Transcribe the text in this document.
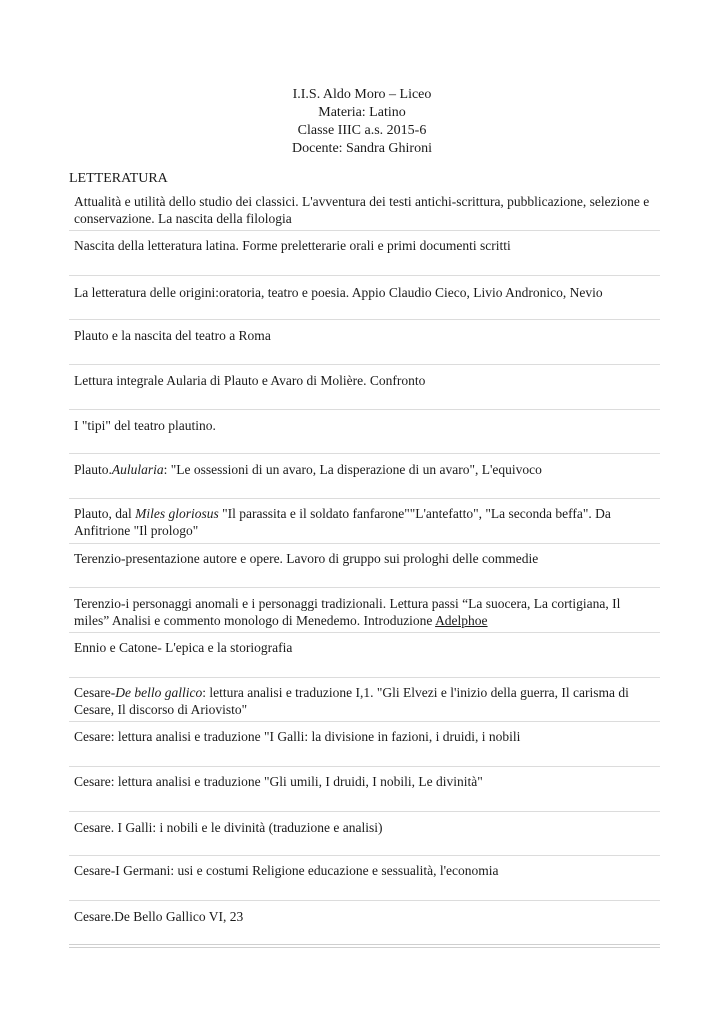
I.I.S. Aldo Moro – Liceo
Materia: Latino
Classe IIIC a.s. 2015-6
Docente: Sandra Ghironi
LETTERATURA
Attualità e utilità dello studio dei classici. L'avventura dei testi antichi-scrittura, pubblicazione, selezione e conservazione. La nascita della filologia
Nascita della letteratura latina. Forme preletterarie orali e primi documenti scritti
La letteratura delle origini:oratoria, teatro e poesia. Appio Claudio Cieco, Livio Andronico, Nevio
Plauto e la nascita del teatro a Roma
Lettura integrale Aularia di Plauto e Avaro di Molière. Confronto
I "tipi" del teatro plautino.
Plauto.Aulularia: "Le ossessioni di un avaro, La disperazione di un avaro", L'equivoco
Plauto, dal Miles gloriosus "Il parassita e il soldato fanfarone""L'antefatto", "La seconda beffa". Da Anfitrione "Il prologo"
Terenzio-presentazione autore e opere. Lavoro di gruppo sui prologhi delle commedie
Terenzio-i personaggi anomali e i personaggi tradizionali. Lettura passi “La suocera, La cortigiana, Il miles” Analisi e commento monologo di Menedemo. Introduzione Adelphoe
Ennio e Catone- L'epica e la storiografia
Cesare-De bello gallico: lettura analisi e traduzione I,1. "Gli Elvezi e l'inizio della guerra, Il carisma di Cesare, Il discorso di Ariovisto"
Cesare: lettura analisi e traduzione "I Galli: la divisione in fazioni, i druidi, i nobili
Cesare: lettura analisi e traduzione "Gli umili, I druidi, I nobili, Le divinità"
Cesare. I Galli: i nobili e le divinità (traduzione e analisi)
Cesare-I Germani: usi e costumi Religione educazione e sessualità, l'economia
Cesare.De Bello Gallico VI, 23
